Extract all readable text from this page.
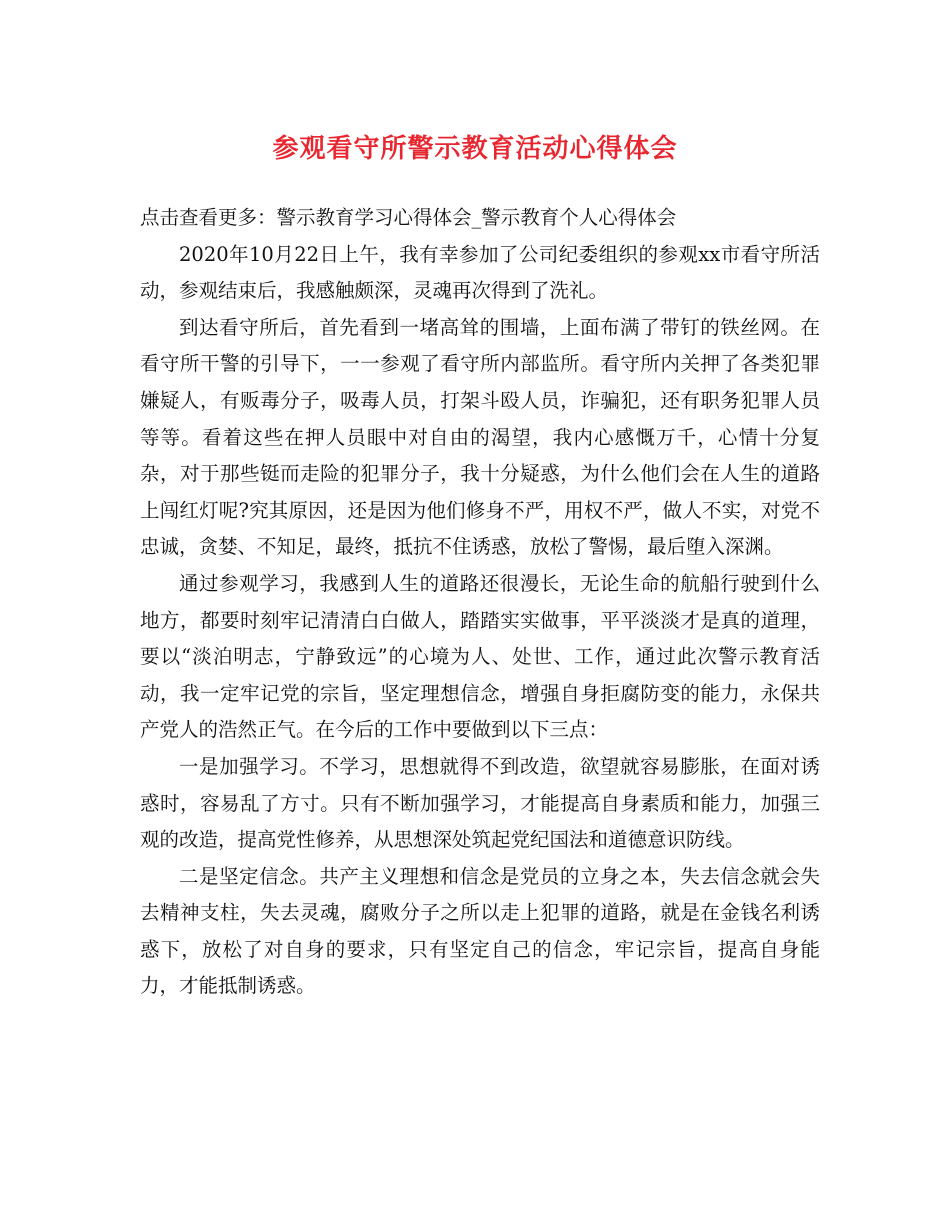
参观看守所警示教育活动心得体会

点击查看更多：警示教育学习心得体会_警示教育个人心得体会

2020年10月22日上午，我有幸参加了公司纪委组织的参观xx市看守所活动，参观结束后，我感触颇深，灵魂再次得到了洗礼。

到达看守所后，首先看到一堵高耸的围墙，上面布满了带钉的铁丝网。在看守所干警的引导下，一一参观了看守所内部监所。看守所内关押了各类犯罪嫌疑人，有贩毒分子，吸毒人员，打架斗殴人员，诈骗犯，还有职务犯罪人员等等。看着这些在押人员眼中对自由的渴望，我内心感慨万千，心情十分复杂，对于那些铤而走险的犯罪分子，我十分疑惑，为什么他们会在人生的道路上闯红灯呢?究其原因，还是因为他们修身不严，用权不严，做人不实，对党不忠诚，贪婪、不知足，最终，抵抗不住诱惑，放松了警惕，最后堕入深渊。

通过参观学习，我感到人生的道路还很漫长，无论生命的航船行驶到什么地方，都要时刻牢记清清白白做人，踏踏实实做事，平平淡淡才是真的道理，要以“淡泊明志，宁静致远”的心境为人、处世、工作，通过此次警示教育活动，我一定牢记党的宗旨，坚定理想信念，增强自身拒腐防变的能力，永保共产党人的浩然正气。在今后的工作中要做到以下三点：

一是加强学习。不学习，思想就得不到改造，欲望就容易膨胀，在面对诱惑时，容易乱了方寸。只有不断加强学习，才能提高自身素质和能力，加强三观的改造，提高党性修养，从思想深处筑起党纪国法和道德意识防线。

二是坚定信念。共产主义理想和信念是党员的立身之本，失去信念就会失去精神支柱，失去灵魂，腐败分子之所以走上犯罪的道路，就是在金钱名利诱惑下，放松了对自身的要求，只有坚定自己的信念，牢记宗旨，提高自身能力，才能抵制诱惑。
